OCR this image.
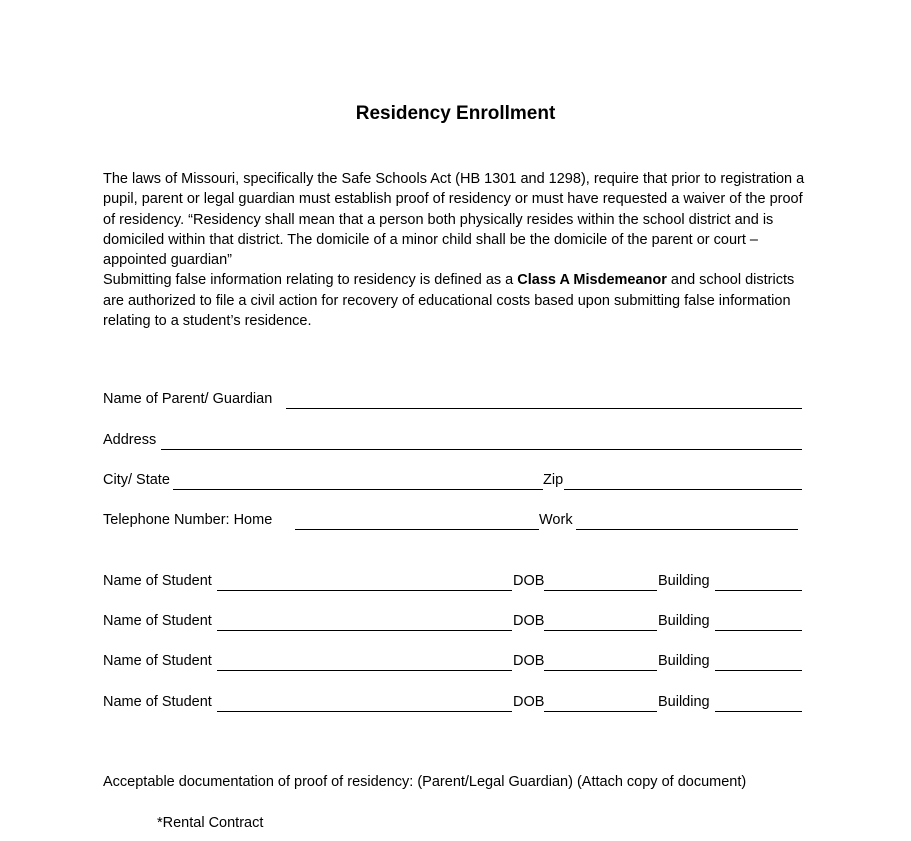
Residency Enrollment

The laws of Missouri, specifically the Safe Schools Act (HB 1301 and 1298), require that prior to registration a pupil, parent or legal guardian must establish proof of residency or must have requested a waiver of the proof of residency. “Residency shall mean that a person both physically resides within the school district and is domiciled within that district. The domicile of a minor child shall be the domicile of the parent or court – appointed guardian”

Submitting false information relating to residency is defined as a Class A Misdemeanor and school districts are authorized to file a civil action for recovery of educational costs based upon submitting false information relating to a student’s residence.

Name of Parent/ Guardian
Address
City/ State	Zip
Telephone Number: Home	Work
Name of Student	DOB	Building
Name of Student	DOB	Building
Name of Student	DOB	Building
Name of Student	DOB	Building
Acceptable documentation of proof of residency: (Parent/Legal Guardian) (Attach copy of document)
*Rental Contract
